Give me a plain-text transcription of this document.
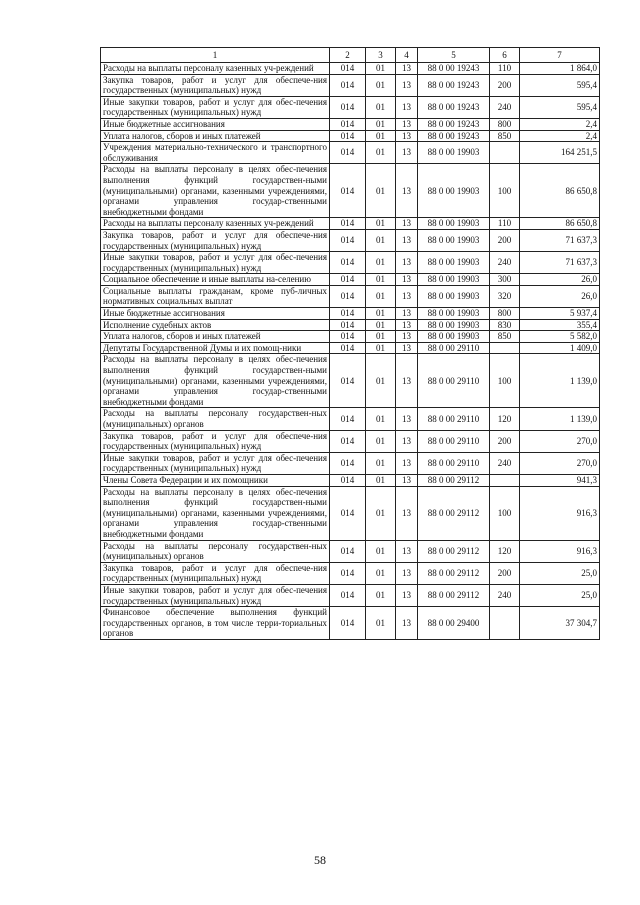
1	2	3	4	5	6	7
Расходы на выплаты персоналу казенных уч-реждений	014	01	13	88 0 00 19243	110	1 864,0
Закупка товаров, работ и услуг для обеспече-ния государственных (муниципальных) нужд	014	01	13	88 0 00 19243	200	595,4
Иные закупки товаров, работ и услуг для обес-печения государственных (муниципальных) нужд	014	01	13	88 0 00 19243	240	595,4
Иные бюджетные ассигнования	014	01	13	88 0 00 19243	800	2,4
Уплата налогов, сборов и иных платежей	014	01	13	88 0 00 19243	850	2,4
Учреждения материально-технического и транспортного обслуживания	014	01	13	88 0 00 19903		164 251,5
Расходы на выплаты персоналу в целях обес-печения выполнения функций государствен-ными (муниципальными) органами, казенными учреждениями, органами управления государ-ственными внебюджетными фондами	014	01	13	88 0 00 19903	100	86 650,8
Расходы на выплаты персоналу казенных уч-реждений	014	01	13	88 0 00 19903	110	86 650,8
Закупка товаров, работ и услуг для обеспече-ния государственных (муниципальных) нужд	014	01	13	88 0 00 19903	200	71 637,3
Иные закупки товаров, работ и услуг для обес-печения государственных (муниципальных) нужд	014	01	13	88 0 00 19903	240	71 637,3
Социальное обеспечение и иные выплаты на-селению	014	01	13	88 0 00 19903	300	26,0
Социальные выплаты гражданам, кроме пуб-личных нормативных социальных выплат	014	01	13	88 0 00 19903	320	26,0
Иные бюджетные ассигнования	014	01	13	88 0 00 19903	800	5 937,4
Исполнение судебных актов	014	01	13	88 0 00 19903	830	355,4
Уплата налогов, сборов и иных платежей	014	01	13	88 0 00 19903	850	5 582,0
Депутаты Государственной Думы и их помощ-ники	014	01	13	88 0 00 29110		1 409,0
Расходы на выплаты персоналу в целях обес-печения выполнения функций государствен-ными (муниципальными) органами, казенными учреждениями, органами управления государ-ственными внебюджетными фондами	014	01	13	88 0 00 29110	100	1 139,0
Расходы на выплаты персоналу государствен-ных (муниципальных) органов	014	01	13	88 0 00 29110	120	1 139,0
Закупка товаров, работ и услуг для обеспече-ния государственных (муниципальных) нужд	014	01	13	88 0 00 29110	200	270,0
Иные закупки товаров, работ и услуг для обес-печения государственных (муниципальных) нужд	014	01	13	88 0 00 29110	240	270,0
Члены Совета Федерации и их помощники	014	01	13	88 0 00 29112		941,3
Расходы на выплаты персоналу в целях обес-печения выполнения функций государствен-ными (муниципальными) органами, казенными учреждениями, органами управления государ-ственными внебюджетными фондами	014	01	13	88 0 00 29112	100	916,3
Расходы на выплаты персоналу государствен-ных (муниципальных) органов	014	01	13	88 0 00 29112	120	916,3
Закупка товаров, работ и услуг для обеспече-ния государственных (муниципальных) нужд	014	01	13	88 0 00 29112	200	25,0
Иные закупки товаров, работ и услуг для обес-печения государственных (муниципальных) нужд	014	01	13	88 0 00 29112	240	25,0
Финансовое обеспечение выполнения функций государственных органов, в том числе терри-ториальных органов	014	01	13	88 0 00 29400		37 304,7
58
